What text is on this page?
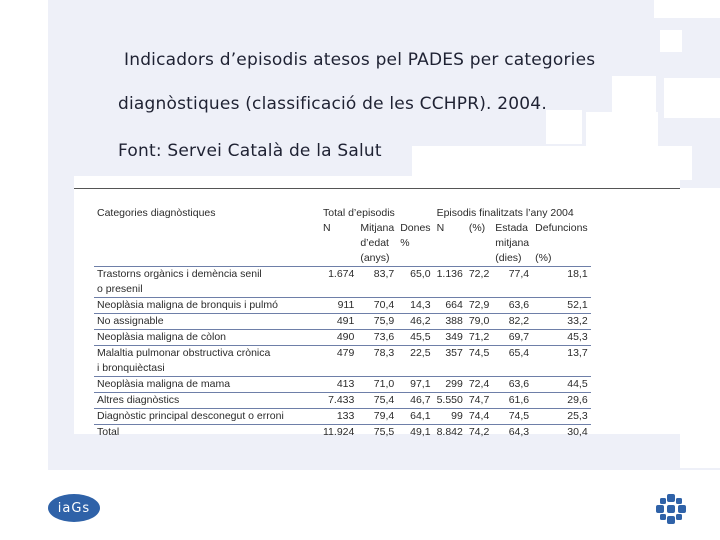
Indicadors d’episodis atesos pel PADES per categories
diagnòstiques (classificació de les CCHPR). 2004.
Font: Servei Català de la Salut
Categories diagnòstiques	Total d’episodis			Episodis finalitzats l’any 2004			
	N	Mitjana	Dones	N	(%)	Estada	Defuncions
		d’edat	%			mitjana	
		(anys)				(dies)	(%)
Trastorns orgànics i demència senil	1.674	83,7	65,0	1.136	72,2	77,4	18,1
o presenil							
Neoplàsia maligna de bronquis i pulmó	911	70,4	14,3	664	72,9	63,6	52,1
No assignable	491	75,9	46,2	388	79,0	82,2	33,2
Neoplàsia maligna de còlon	490	73,6	45,5	349	71,2	69,7	45,3
Malaltia pulmonar obstructiva crònica	479	78,3	22,5	357	74,5	65,4	13,7
i bronquièctasi							
Neoplàsia maligna de mama	413	71,0	97,1	299	72,4	63,6	44,5
Altres diagnòstics	7.433	75,4	46,7	5.550	74,7	61,6	29,6
Diagnòstic principal desconegut o erroni	133	79,4	64,1	99	74,4	74,5	25,3
Total	11.924	75,5	49,1	8.842	74,2	64,3	30,4
iaGs
